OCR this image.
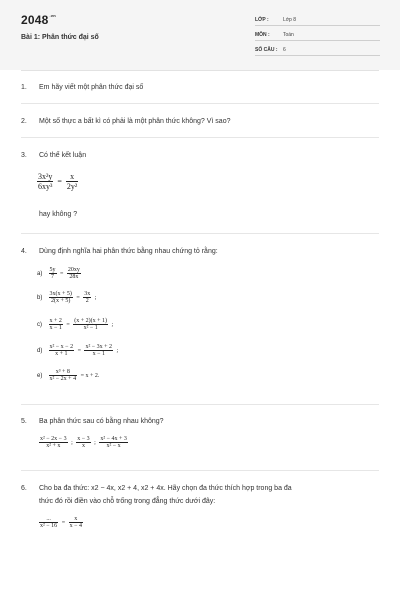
$2048^{.vn}$
Bài 1: Phân thức đại số
LỚP :	Lớp 8
MÔN :	Toán
SỐ CÂU : 6
1.	Em hãy viết một phân thức đại số
2.	Một số thực a bất kì có phải là một phân thức không? Vì sao?
3.	Có thể kết luận
$\frac{\text{3x²y}}{\text{6xy³}} = \frac{x}{\text{2y²}}$
hay không ?
4.	Dùng định nghĩa hai phân thức bằng nhau chứng tỏ rằng:
$a) \frac{5y}{7} = \frac{20xy}{28x}$
$b) \frac{3x(x + 5)}{2(x + 5)} = \frac{3x}{2}$ ;
$c) \frac{x + 2}{x - 1} = \frac{(x + 2)(x + 1)}{\text{x² − 1}}$ ;
$d) \frac{\text{x² − x − 2}}{x + 1} = \frac{\text{x² − 3x + 2}}{x - 1}$ ;
$e) \frac{\text{x³ + 8}}{\text{x² − 2x + 4}} = x + 2$.
5.	Ba phân thức sau có bằng nhau không?
$\frac{\text{x² − 2x − 3}}{\text{x² + x}}$ ; $\frac{x - 3}{x}$ ; $\frac{\text{x² − 4x + 3}}{\text{x² − x}}$
6.	Cho ba đa thức: x2 − 4x, x2 + 4, x2 + 4x. Hãy chọn đa thức thích hợp trong ba đa
thức đó rồi điền vào chỗ trống trong đẳng thức dưới đây:
$\frac{...}{\text{x² − 16}} = \frac{x}{x - 4}$
